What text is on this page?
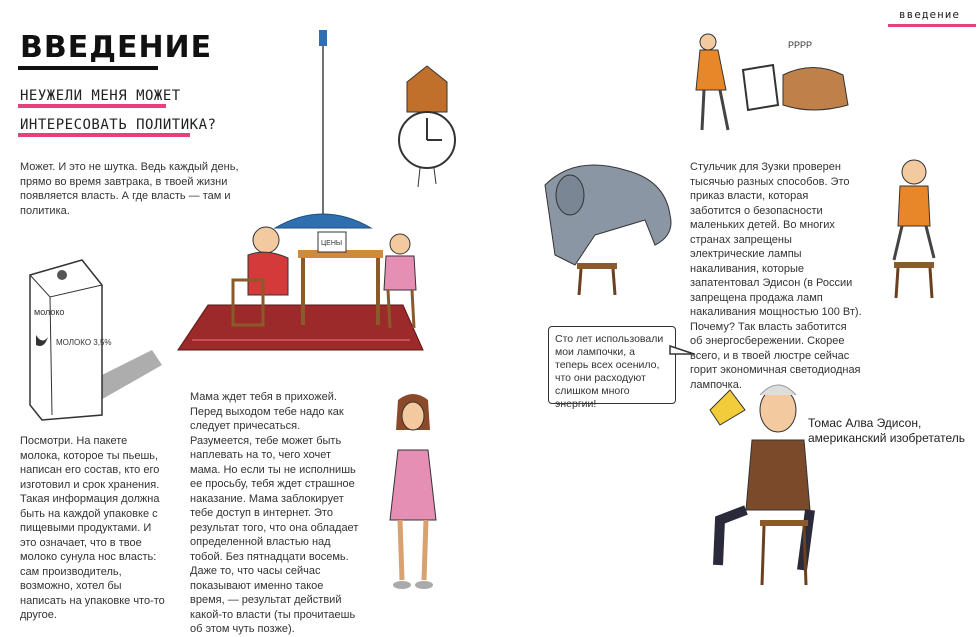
введение
ВВЕДЕНИЕ
НЕУЖЕЛИ МЕНЯ МОЖЕТ
ИНТЕРЕСОВАТЬ ПОЛИТИКА?

Может. И это не шутка. Ведь каждый день, прямо во время завтрака, в твоей жизни появляется власть. А где власть — там и политика.

Посмотри. На пакете молока, которое ты пьешь, написан его состав, кто его изготовил и срок хранения. Такая информация должна быть на каждой упаковке с пищевыми продуктами. И это означает, что в твое молоко сунула нос власть: сам производитель, возможно, хотел бы написать на упаковке что-то другое.

Мама ждет тебя в прихожей. Перед выходом тебе надо как следует причесаться. Разумеется, тебе может быть наплевать на то, чего хочет мама. Но если ты не исполнишь ее просьбу, тебя ждет страшное наказание. Мама заблокирует тебе доступ в интернет. Это результат того, что она обладает определенной властью над тобой. Без пятнадцати восемь. Даже то, что часы сейчас показывают именно такое время, — результат действий какой-то власти (ты прочитаешь об этом чуть позже).

Стульчик для Зузки проверен тысячью разных способов. Это приказ власти, которая заботится о безопасности маленьких детей. Во многих странах запрещены электрические лампы накаливания, которые запатентовал Эдисон (в России запрещена продажа ламп накаливания мощностью 100 Вт). Почему? Так власть заботится об энергосбережении. Скорее всего, и в твоей люстре сейчас горит экономичная светодиодная лампочка.

Сто лет использовали мои лампочки, а теперь всех осенило, что они расходуют слишком много энергии!
Томас Алва Эдисон,
американский изобретатель
молоко
МОЛОКО 3,5%
ЦЕНЫ
РРРР
